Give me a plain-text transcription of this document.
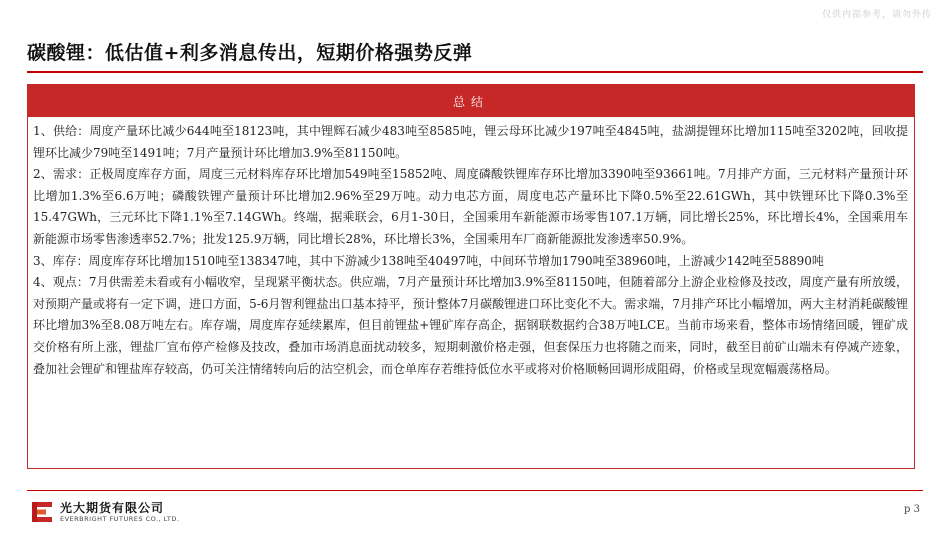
仅供内部参考，请勿外传
碳酸锂：低估值+利多消息传出，短期价格强势反弹
总结

1、供给：周度产量环比减少644吨至18123吨，其中锂辉石减少483吨至8585吨，锂云母环比减少197吨至4845吨，盐湖提锂环比增加115吨至3202吨，回收提锂环比减少79吨至1491吨；7月产量预计环比增加3.9%至81150吨。

2、需求：正极周度库存方面，周度三元材料库存环比增加549吨至15852吨、周度磷酸铁锂库存环比增加3390吨至93661吨。7月排产方面，三元材料产量预计环比增加1.3%至6.6万吨；磷酸铁锂产量预计环比增加2.96%至29万吨。动力电芯方面，周度电芯产量环比下降0.5%至22.61GWh，其中铁锂环比下降0.3%至15.47GWh，三元环比下降1.1%至7.14GWh。终端，据乘联会，6月1-30日，全国乘用车新能源市场零售107.1万辆，同比增长25%，环比增长4%，全国乘用车新能源市场零售渗透率52.7%；批发125.9万辆，同比增长28%，环比增长3%，全国乘用车厂商新能源批发渗透率50.9%。

3、库存：周度库存环比增加1510吨至138347吨，其中下游减少138吨至40497吨，中间环节增加1790吨至38960吨，上游减少142吨至58890吨

4、观点：7月供需差未看或有小幅收窄，呈现紧平衡状态。供应端，7月产量预计环比增加3.9%至81150吨，但随着部分上游企业检修及技改，周度产量有所放缓，对预期产量或将有一定下调，进口方面，5-6月智利锂盐出口基本持平，预计整体7月碳酸锂进口环比变化不大。需求端，7月排产环比小幅增加，两大主材消耗碳酸锂环比增加3%至8.08万吨左右。库存端，周度库存延续累库，但目前锂盐+锂矿库存高企，据钢联数据约合38万吨LCE。当前市场来看，整体市场情绪回暖，锂矿成交价格有所上涨，锂盐厂宣布停产检修及技改，叠加市场消息面扰动较多，短期刺激价格走强，但套保压力也将随之而来，同时，截至目前矿山端未有停减产迹象，叠加社会锂矿和锂盐库存较高，仍可关注情绪转向后的沽空机会，而仓单库存若维持低位水平或将对价格顺畅回调形成阻碍，价格或呈现宽幅震荡格局。

光大期货有限公司
EVERBRIGHT FUTURES CO., LTD.
p 3
